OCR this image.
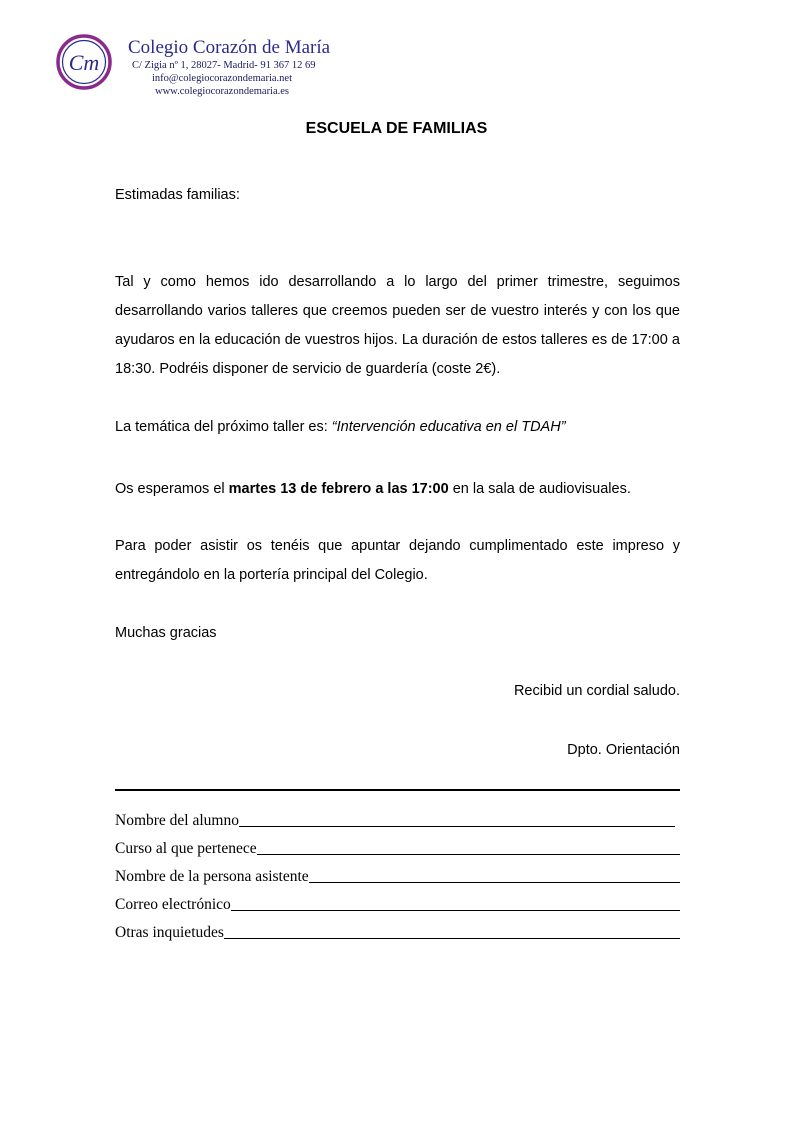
Cm
Colegio Corazón de María
C/ Zigia nº 1, 28027- Madrid- 91 367 12 69
info@colegiocorazondemaria.net
www.colegiocorazondemaria.es
ESCUELA DE FAMILIAS
Estimadas familias:
Tal y como hemos ido desarrollando a lo largo del primer trimestre, seguimos desarrollando varios talleres que creemos pueden ser de vuestro interés y con los que ayudaros en la educación de vuestros hijos. La duración de estos talleres es de 17:00 a 18:30. Podréis disponer de servicio de guardería (coste 2€).
La temática del próximo taller es: “Intervención educativa en el TDAH”
Os esperamos el martes 13 de febrero a las 17:00 en la sala de audiovisuales.
Para poder asistir os tenéis que apuntar dejando cumplimentado este impreso y entregándolo en la portería principal del Colegio.
Muchas gracias
Recibid un cordial saludo.
Dpto. Orientación
Nombre del alumno
Curso al que pertenece
Nombre de la persona asistente
Correo electrónico
Otras inquietudes
